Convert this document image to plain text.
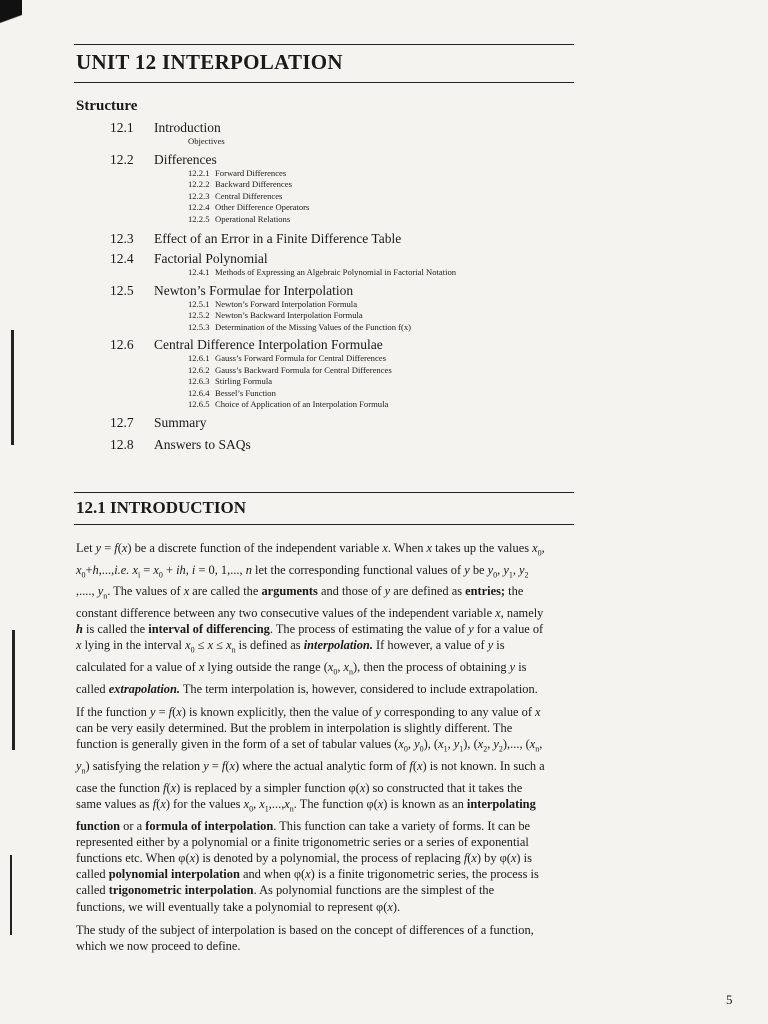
UNIT 12 INTERPOLATION
Structure
12.1	Introduction
Objectives
12.2	Differences
12.2.1 Forward Differences
12.2.2 Backward Differences
12.2.3 Central Differences
12.2.4 Other Difference Operators
12.2.5 Operational Relations
12.3	Effect of an Error in a Finite Difference Table
12.4	Factorial Polynomial
12.4.1 Methods of Expressing an Algebraic Polynomial in Factorial Notation
12.5	Newton’s Formulae for Interpolation
12.5.1 Newton’s Forward Interpolation Formula
12.5.2 Newton’s Backward Interpolation Formula
12.5.3 Determination of the Missing Values of the Function f(x)
12.6	Central Difference Interpolation Formulae
12.6.1 Gauss’s Forward Formula for Central Differences
12.6.2 Gauss’s Backward Formula for Central Differences
12.6.3 Stirling Formula
12.6.4 Bessel’s Function
12.6.5 Choice of Application of an Interpolation Formula
12.7	Summary
12.8	Answers to SAQs
12.1 INTRODUCTION

Let y = f(x) be a discrete function of the independent variable x. When x takes up the values $x_0$, $x_0+h,...,i.e$. $x_i = x_0$ + ih, i = 0, 1,..., n let the corresponding functional values of y be $y_0$, $y_1$, $y_2$ ,...., $y_n$. The values of x are called the arguments and those of y are defined as entries; the constant difference between any two consecutive values of the independent variable x, namely h is called the interval of differencing. The process of estimating the value of y for a value of x lying in the interval $x_0 \le x \le x_n$ is defined as interpolation. If however, a value of y is calculated for a value of x lying outside the range ($x_0$, $x_n$), then the process of obtaining y is called extrapolation. The term interpolation is, however, considered to include extrapolation.

If the function y = f(x) is known explicitly, then the value of y corresponding to any value of x can be very easily determined. But the problem in interpolation is slightly different. The function is generally given in the form of a set of tabular values ($x_0$, $y_0$), ($x_1$, $y_1$), ($x_2$, $y_2$),..., ($x_n$, $y_n$) satisfying the relation y = f(x) where the actual analytic form of f(x) is not known. In such a case the function f(x) is replaced by a simpler function φ(x) so constructed that it takes the same values as f(x) for the values $x_0$, $x_1,...,x_n$. The function φ(x) is known as an interpolating function or a formula of interpolation. This function can take a variety of forms. It can be represented either by a polynomial or a finite trigonometric series or a series of exponential functions etc. When φ(x) is denoted by a polynomial, the process of replacing f(x) by φ(x) is called polynomial interpolation and when φ(x) is a finite trigonometric series, the process is called trigonometric interpolation. As polynomial functions are the simplest of the functions, we will eventually take a polynomial to represent φ(x).

The study of the subject of interpolation is based on the concept of differences of a function, which we now proceed to define.

5
